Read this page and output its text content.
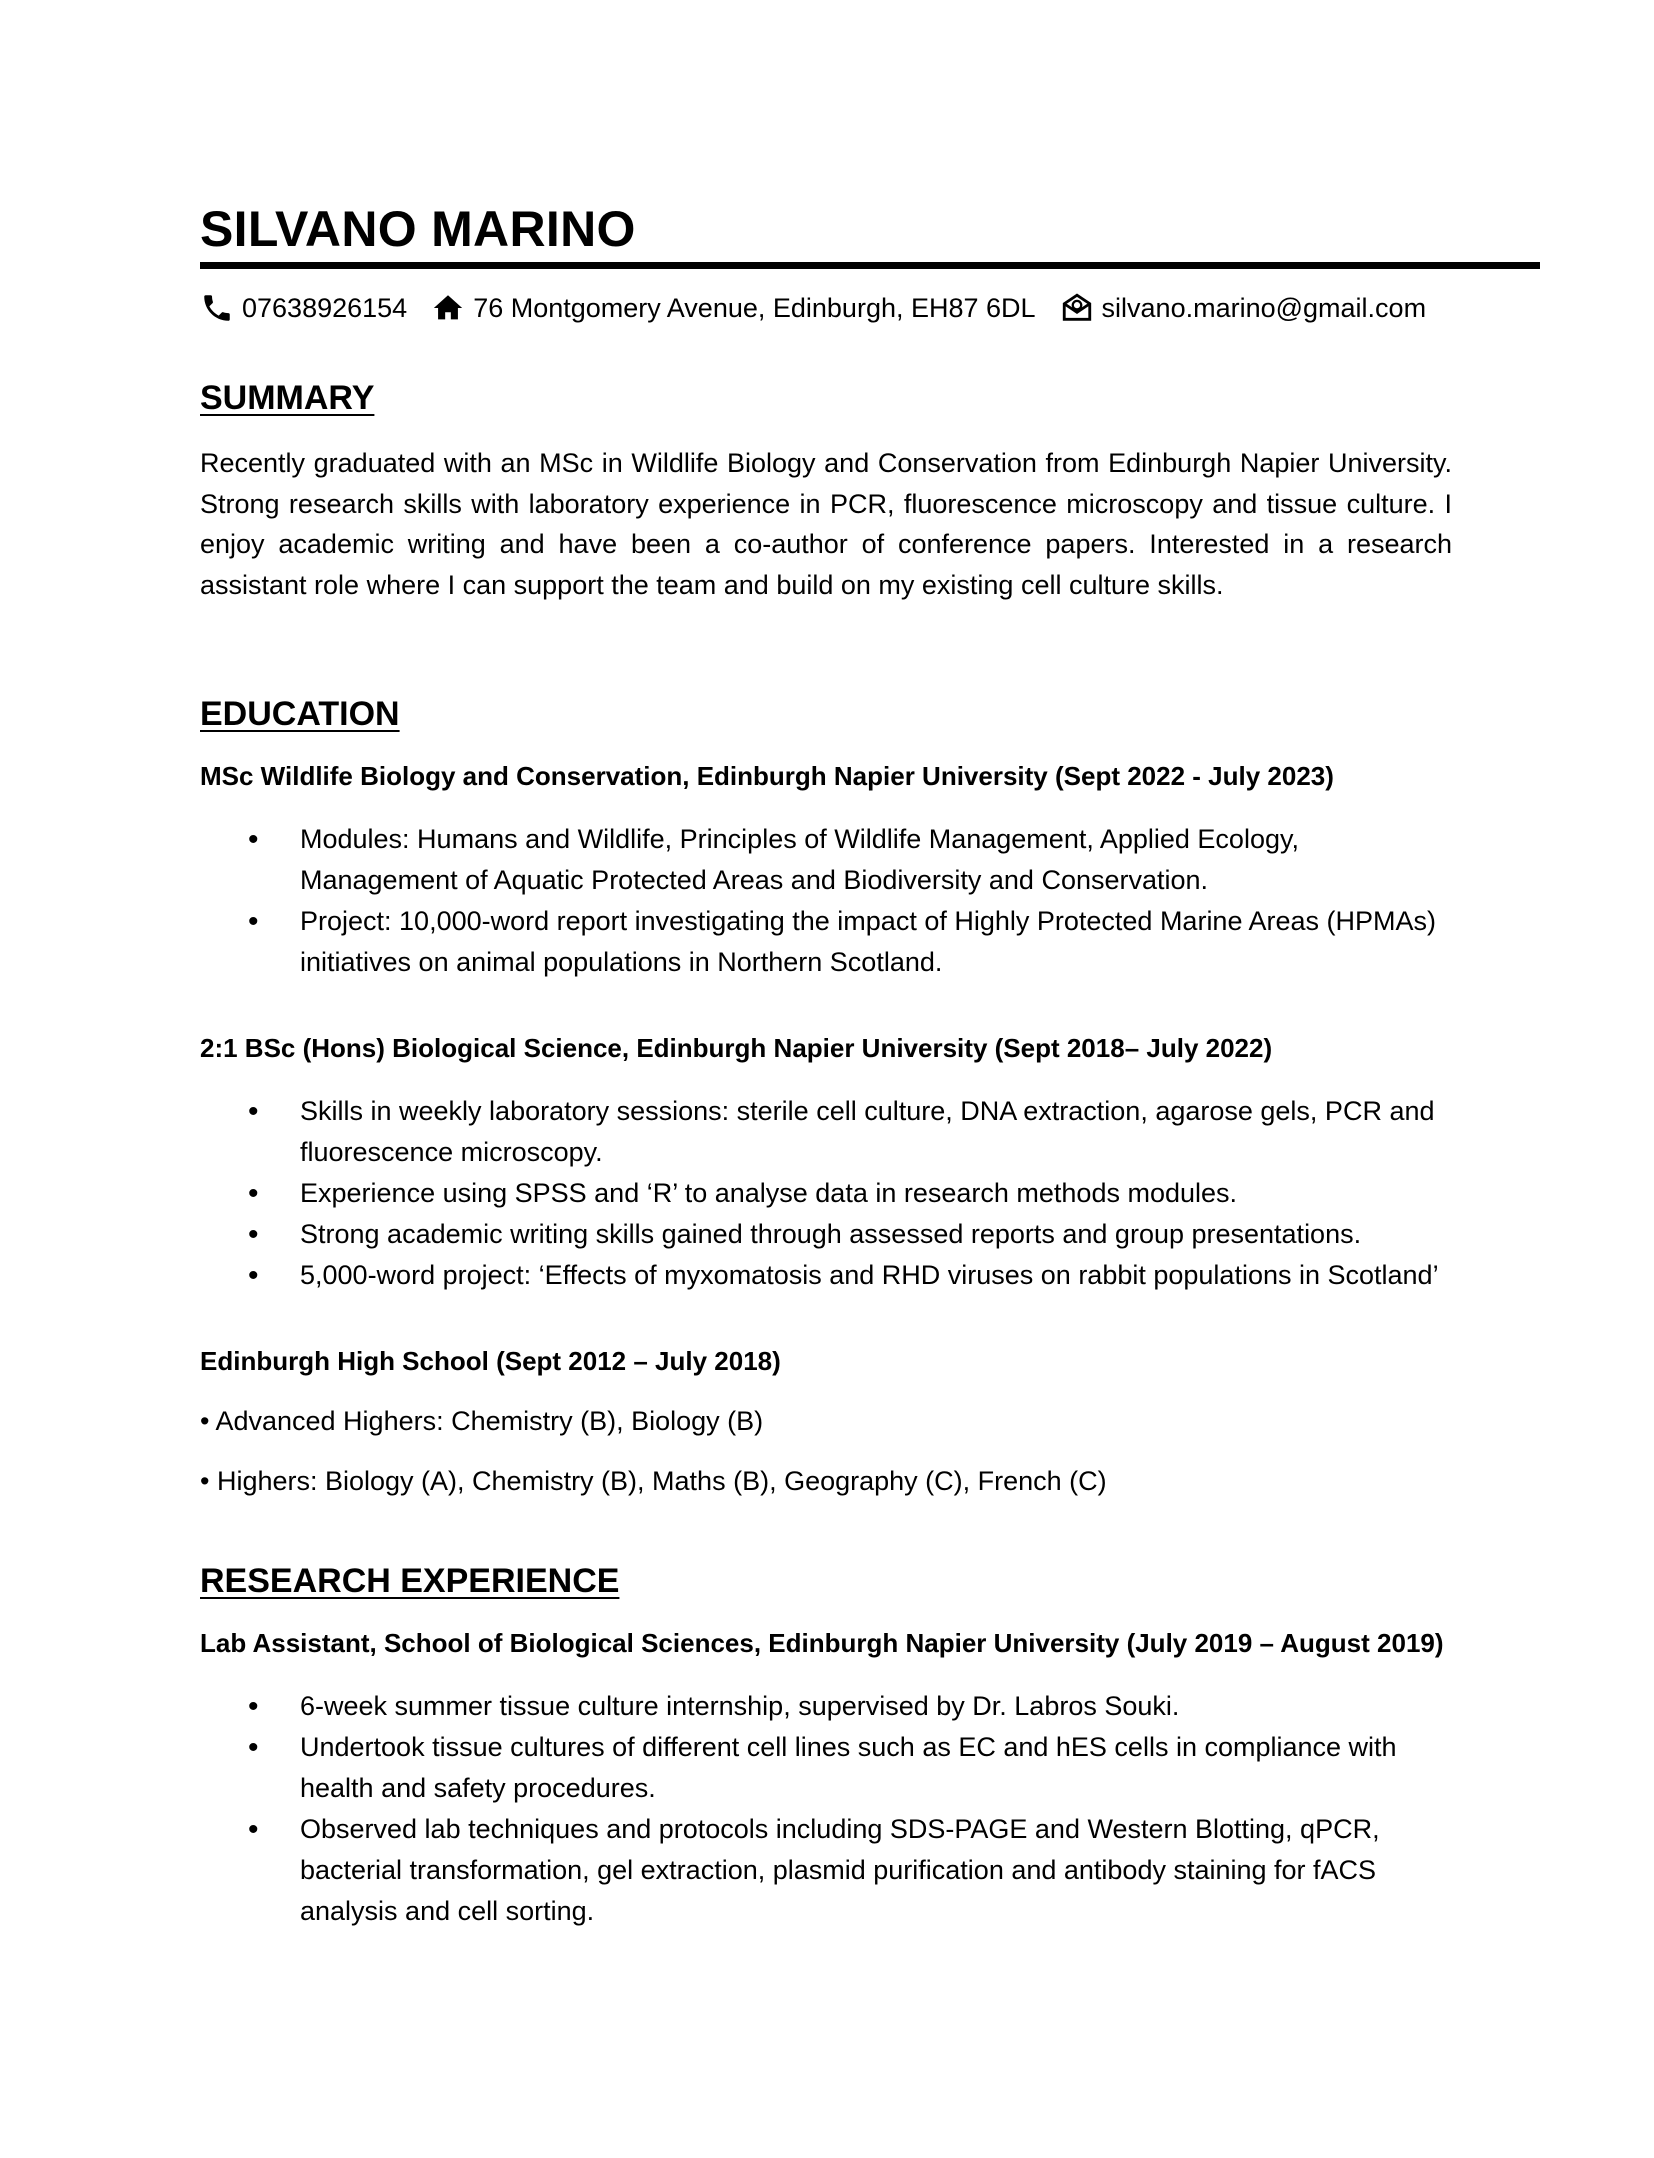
SILVANO MARINO
07638926154 76 Montgomery Avenue, Edinburgh, EH87 6DL silvano.marino@gmail.com
SUMMARY

Recently graduated with an MSc in Wildlife Biology and Conservation from Edinburgh Napier University. Strong research skills with laboratory experience in PCR, fluorescence microscopy and tissue culture. I enjoy academic writing and have been a co-author of conference papers. Interested in a research assistant role where I can support the team and build on my existing cell culture skills.

EDUCATION

MSc Wildlife Biology and Conservation, Edinburgh Napier University (Sept 2022 - July 2023)

• Modules: Humans and Wildlife, Principles of Wildlife Management, Applied Ecology, Management of Aquatic Protected Areas and Biodiversity and Conservation.
• Project: 10,000-word report investigating the impact of Highly Protected Marine Areas (HPMAs) initiatives on animal populations in Northern Scotland.

2:1 BSc (Hons) Biological Science, Edinburgh Napier University (Sept 2018– July 2022)

• Skills in weekly laboratory sessions: sterile cell culture, DNA extraction, agarose gels, PCR and fluorescence microscopy.
• Experience using SPSS and ‘R’ to analyse data in research methods modules.
• Strong academic writing skills gained through assessed reports and group presentations.
• 5,000-word project: ‘Effects of myxomatosis and RHD viruses on rabbit populations in Scotland’

Edinburgh High School (Sept 2012 – July 2018)

• Advanced Highers: Chemistry (B), Biology (B)

• Highers: Biology (A), Chemistry (B), Maths (B), Geography (C), French (C)

RESEARCH EXPERIENCE

Lab Assistant, School of Biological Sciences, Edinburgh Napier University (July 2019 – August 2019)

• 6-week summer tissue culture internship, supervised by Dr. Labros Souki.
• Undertook tissue cultures of different cell lines such as EC and hES cells in compliance with health and safety procedures.
• Observed lab techniques and protocols including SDS-PAGE and Western Blotting, qPCR, bacterial transformation, gel extraction, plasmid purification and antibody staining for fACS analysis and cell sorting.
